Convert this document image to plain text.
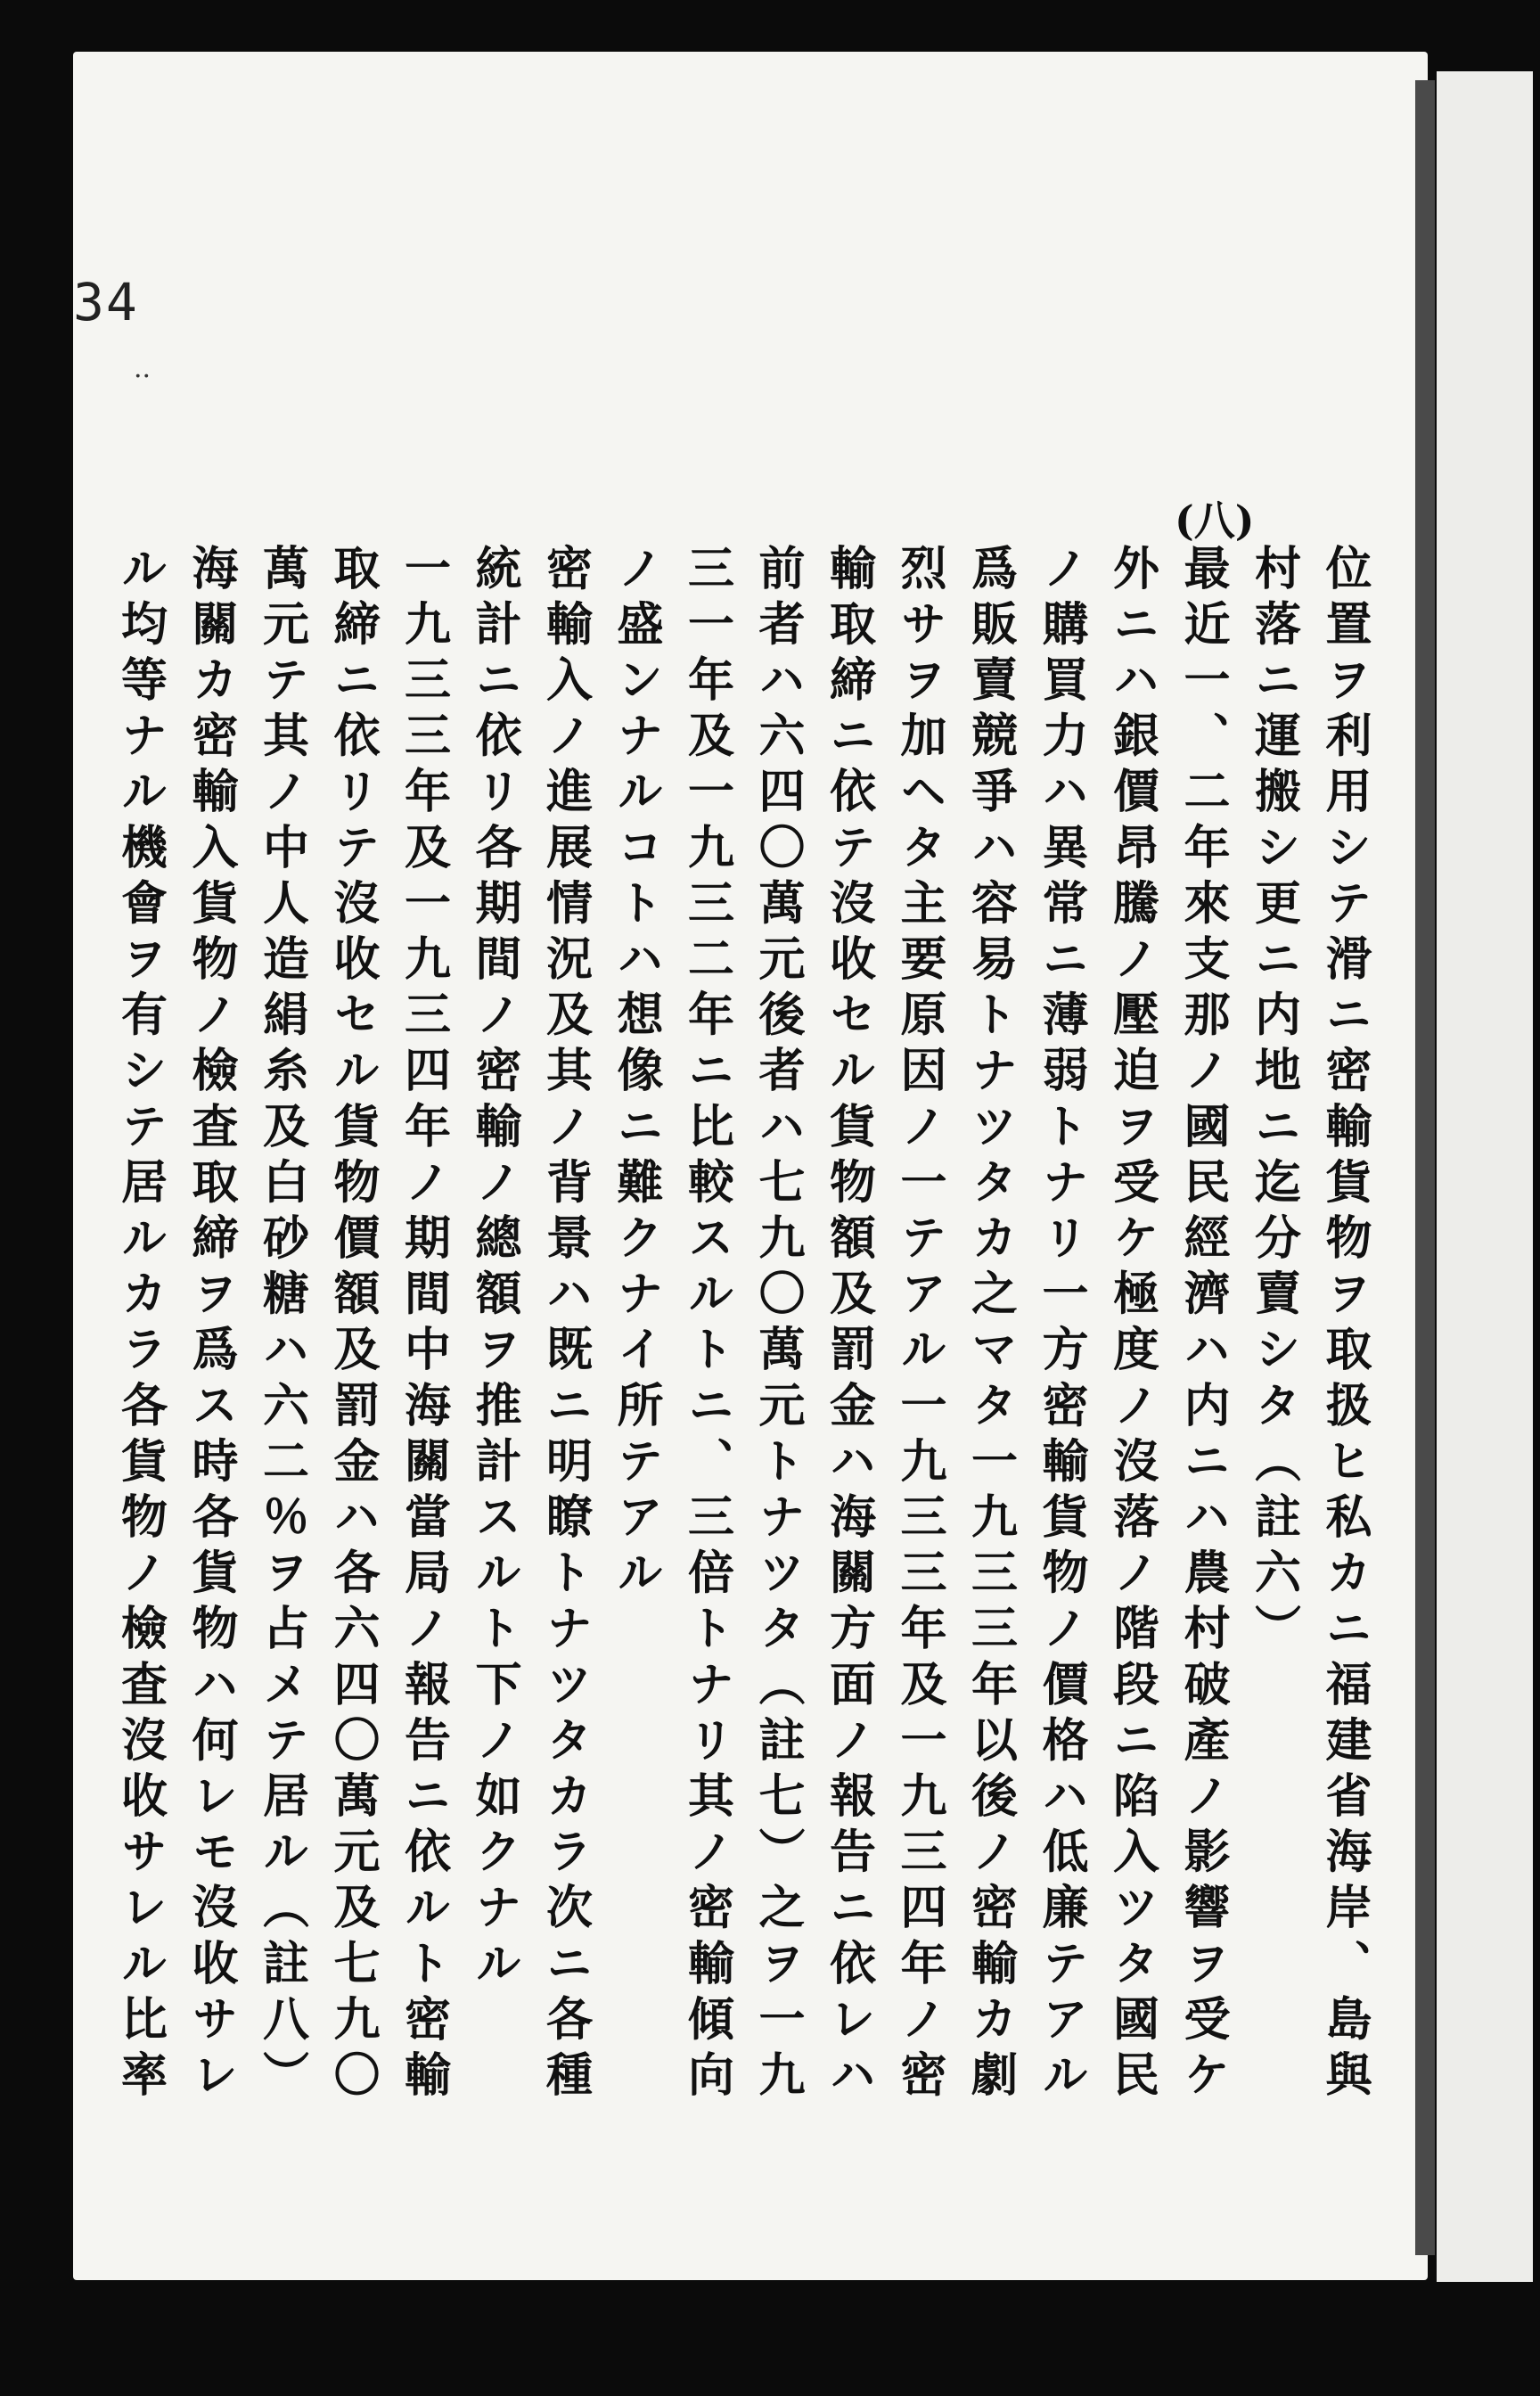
34
··
(八)
位置ヲ利用シテ滑ニ密輸貨物ヲ取扱ヒ私カニ福建省海岸、島與
村落ニ運搬シ更ニ内地ニ迄分賣シタ（註六）
最近一、二年來支那ノ國民經濟ハ内ニハ農村破產ノ影響ヲ受ケ
外ニハ銀價昂騰ノ壓迫ヲ受ケ極度ノ沒落ノ階段ニ陷入ツタ國民
ノ購買力ハ異常ニ薄弱トナリ一方密輸貨物ノ價格ハ低廉テアル
爲販賣競爭ハ容易トナツタカ之マタ一九三三年以後ノ密輸カ劇
烈サヲ加ヘタ主要原因ノ一テアル一九三三年及一九三四年ノ密
輸取締ニ依テ沒收セル貨物額及罰金ハ海關方面ノ報告ニ依レハ
前者ハ六四〇萬元後者ハ七九〇萬元トナツタ（註七）之ヲ一九
三一年及一九三二年ニ比較スルトニ、三倍トナリ其ノ密輸傾向
ノ盛ンナルコトハ想像ニ難クナイ所テアル
密輸入ノ進展情況及其ノ背景ハ既ニ明瞭トナツタカラ次ニ各種
統計ニ依リ各期間ノ密輸ノ總額ヲ推計スルト下ノ如クナル
一九三三年及一九三四年ノ期間中海關當局ノ報告ニ依ルト密輸
取締ニ依リテ沒收セル貨物價額及罰金ハ各六四〇萬元及七九〇
萬元テ其ノ中人造絹糸及白砂糖ハ六二％ヲ占メテ居ル（註八）
海關カ密輸入貨物ノ檢査取締ヲ爲ス時各貨物ハ何レモ沒收サレ
ル均等ナル機會ヲ有シテ居ルカラ各貨物ノ檢査沒收サレル比率
